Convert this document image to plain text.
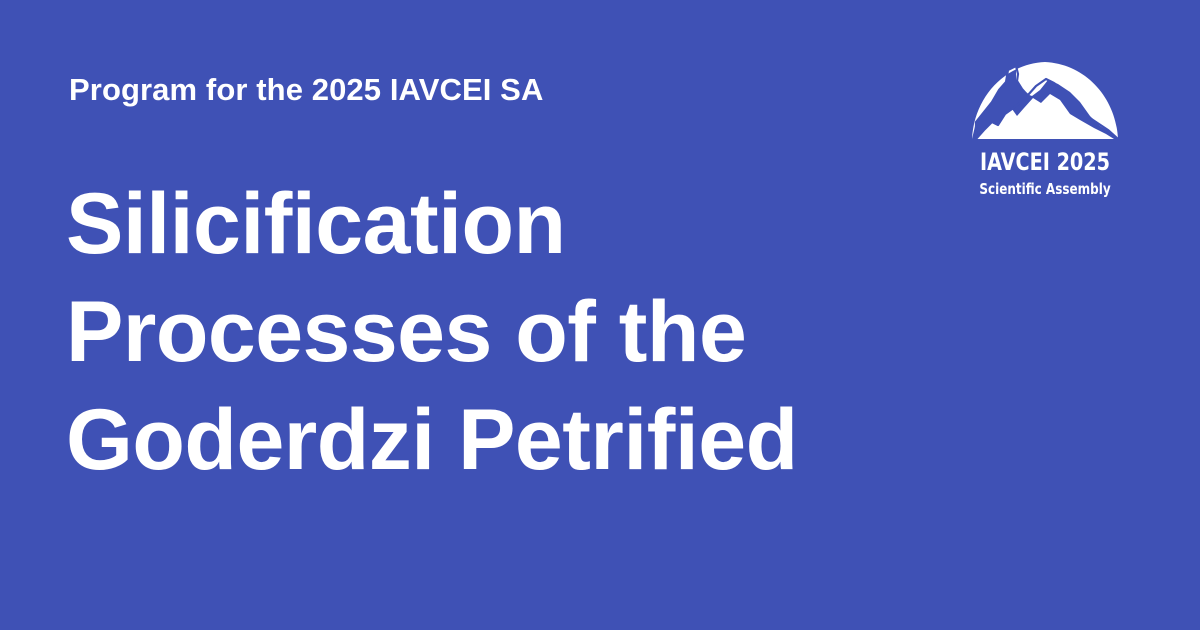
Program for the 2025 IAVCEI SA

Silicification
Processes of the
Goderdzi Petrified
IAVCEI 2025
Scientific Assembly
